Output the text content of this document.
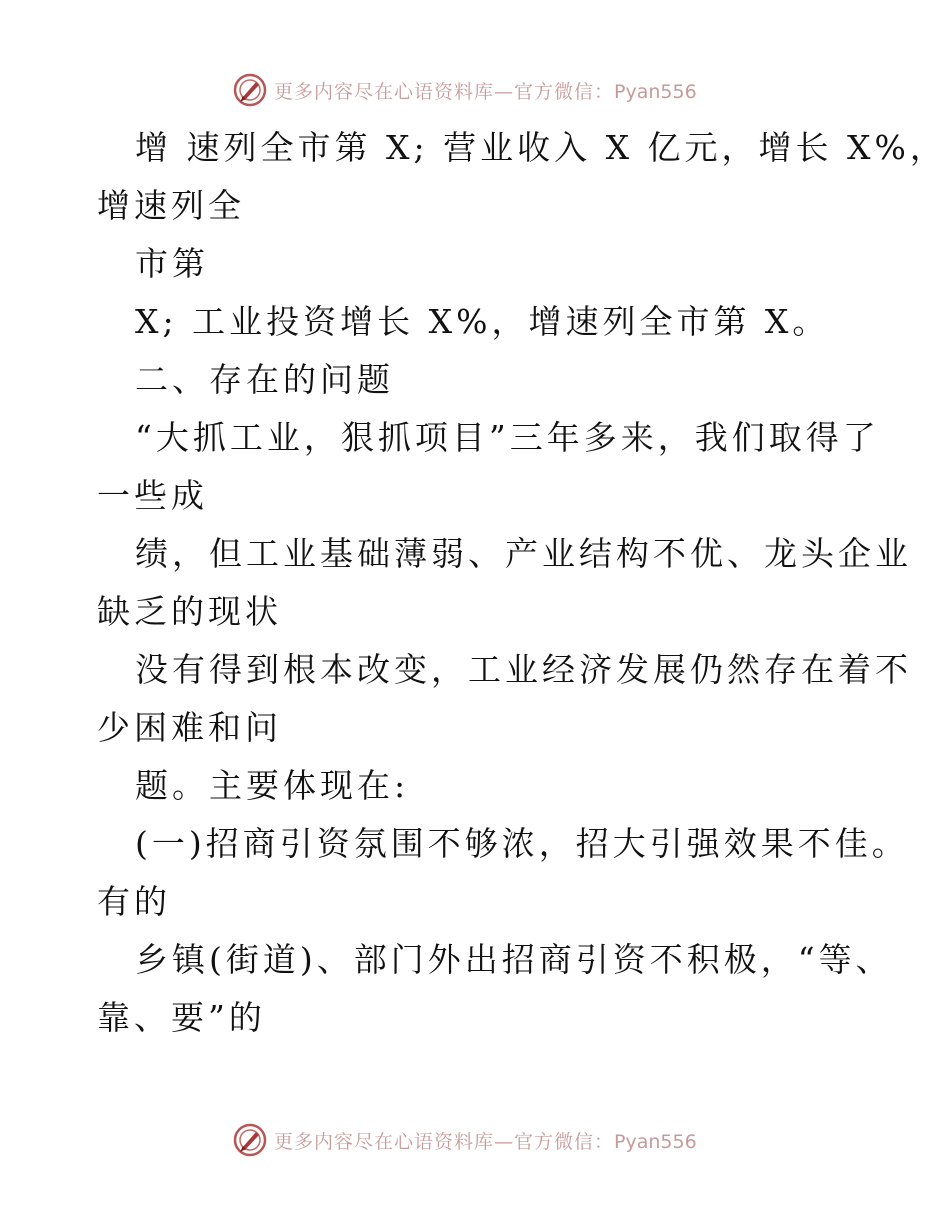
更多内容尽在心语资料库—官方微信：Pyan556
增 速列全市第 X; 营业收入 X 亿元，增长 X%，
增速列全
市第
X; 工业投资增长 X%，增速列全市第 X。
二、存在的问题
“大抓工业，狠抓项目”三年多来，我们取得了
一些成
绩，但工业基础薄弱、产业结构不优、龙头企业
缺乏的现状
没有得到根本改变，工业经济发展仍然存在着不
少困难和问
题。主要体现在:
(一)招商引资氛围不够浓，招大引强效果不佳。
有的
乡镇(街道)、部门外出招商引资不积极，“等、
靠、要”的
更多内容尽在心语资料库—官方微信：Pyan556
